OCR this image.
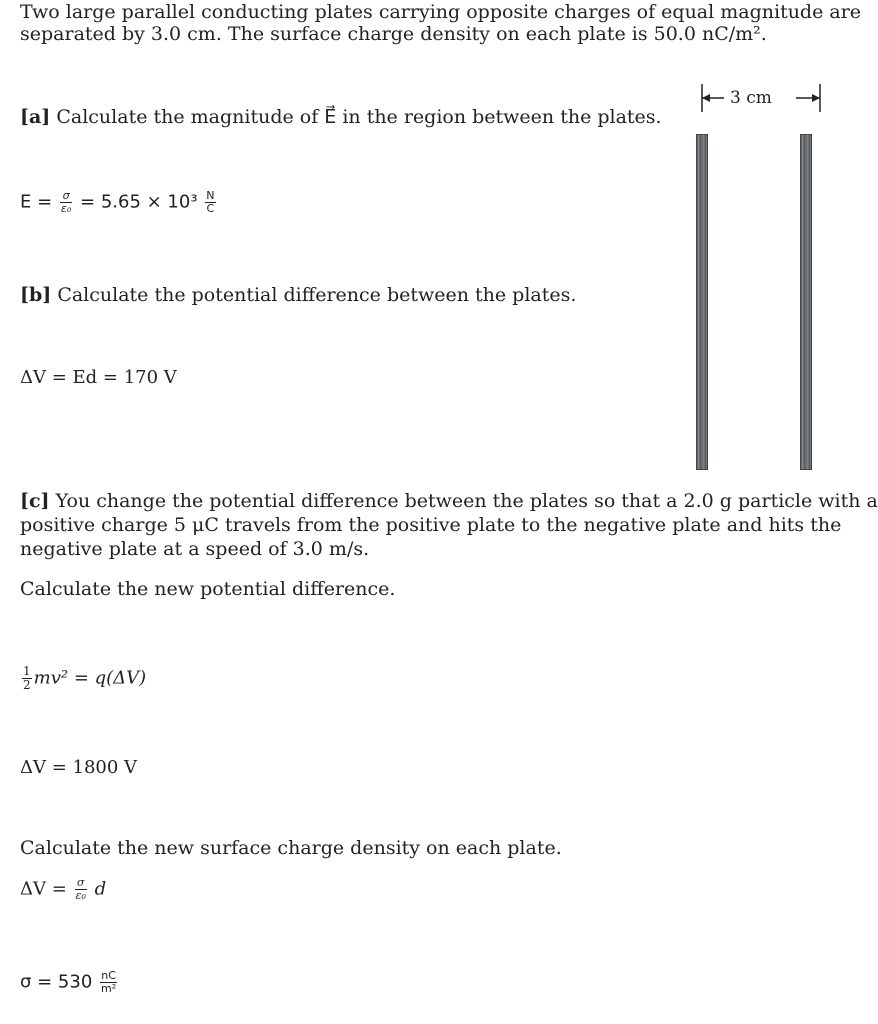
Two large parallel conducting plates carrying opposite charges of equal magnitude are
separated by 3.0 cm. The surface charge density on each plate is 50.0 nC/m².
[a] Calculate the magnitude of E⃗ in the region between the plates.
$E = \frac{\sigma}{\text{ε₀}} = 5.65 \times 10^3 \frac{N}{C}$
[b] Calculate the potential difference between the plates.
ΔV = Ed = 170 V
[c] You change the potential difference between the plates so that a 2.0 g particle with a
positive charge 5 μC travels from the positive plate to the negative plate and hits the
negative plate at a speed of 3.0 m/s.
Calculate the new potential difference.
$\frac{1}{2} mv^2 = q(\Delta V)$
ΔV = 1800 V
Calculate the new surface charge density on each plate.
$\Delta V = \frac{\sigma}{\text{ε₀}}$ d
$\sigma = 530 \frac{nC}{\text{m²}}$
3 cm
